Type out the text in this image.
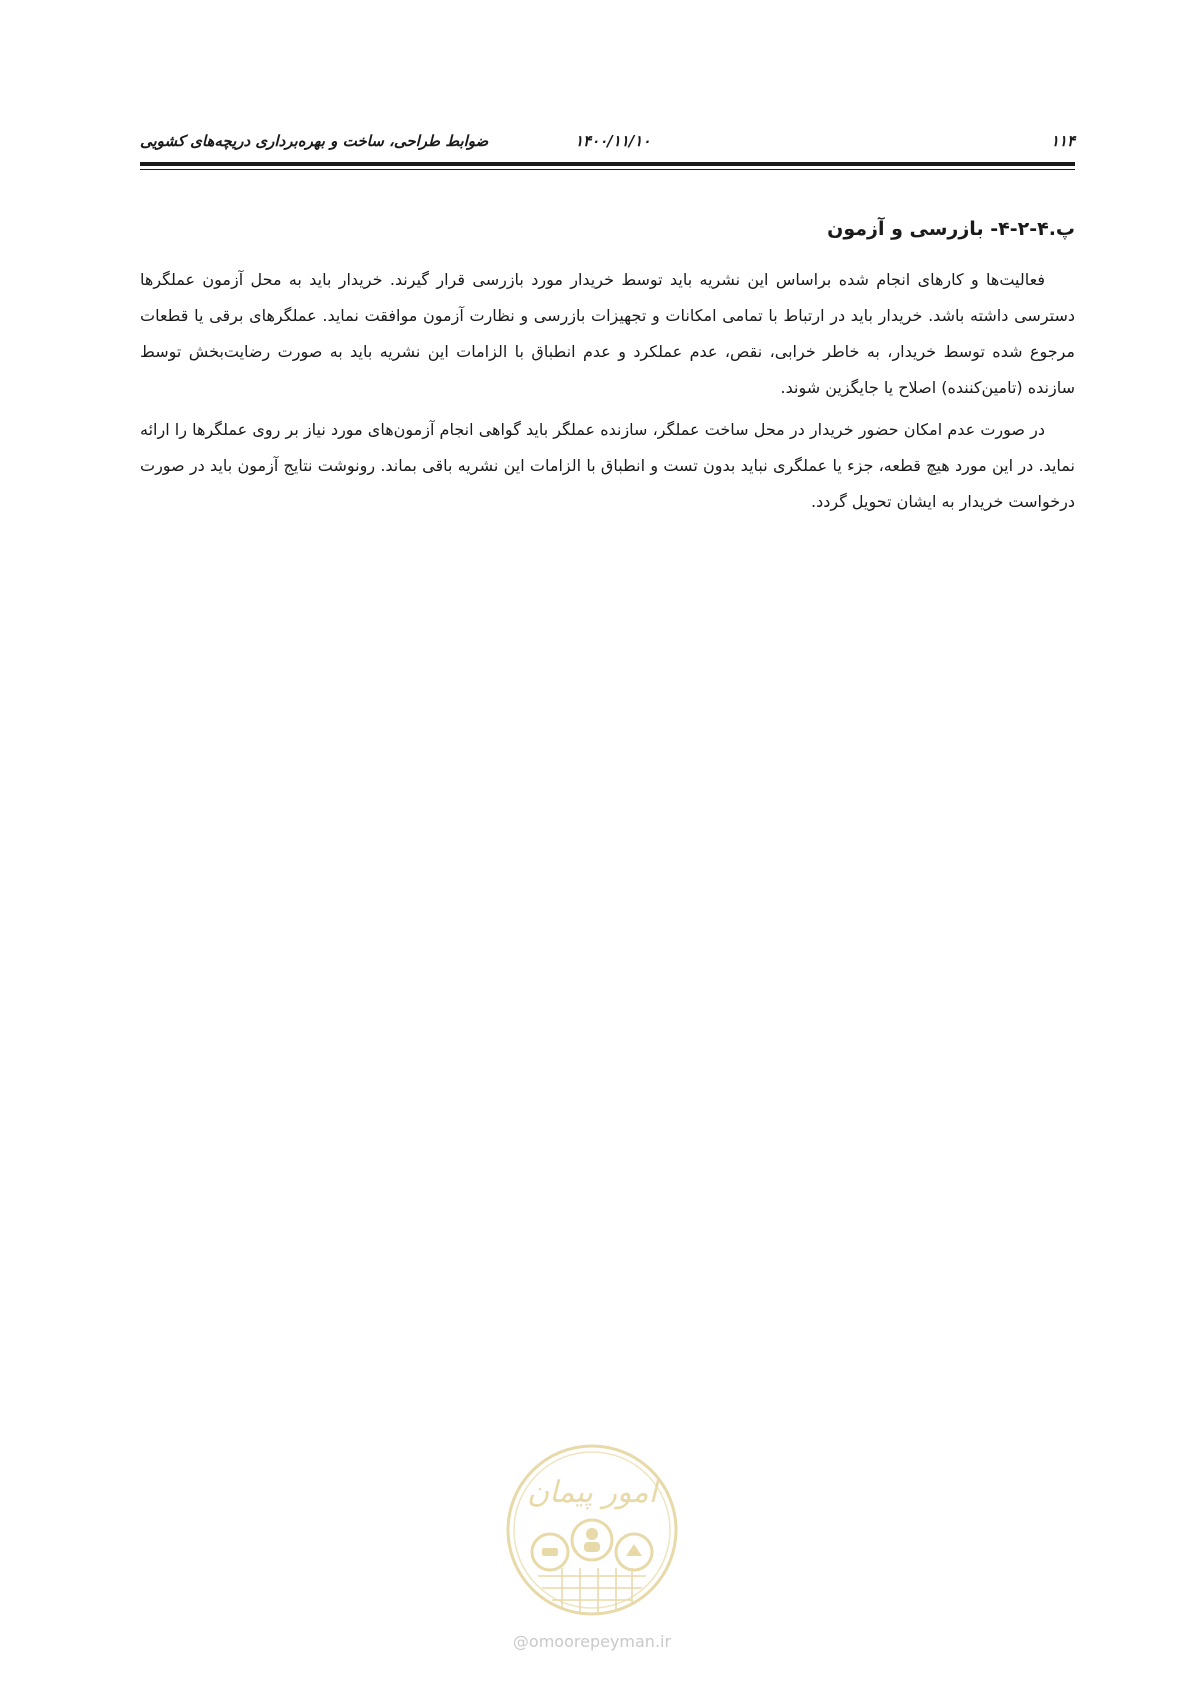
۱۱۴
۱۴۰۰/۱۱/۱۰
ضوابط طراحی، ساخت و بهره‌برداری دریچه‌های کشویی
پ.۴-۲-۴- بازرسی و آزمون

فعالیت‌ها و کارهای انجام شده براساس این نشریه باید توسط خریدار مورد بازرسی قرار گیرند. خریدار باید به محل آزمون عملگرها دسترسی داشته باشد. خریدار باید در ارتباط با تمامی امکانات و تجهیزات بازرسی و نظارت آزمون موافقت نماید. عملگرهای برقی یا قطعات مرجوع شده توسط خریدار، به خاطر خرابی، نقص، عدم عملکرد و عدم انطباق با الزامات این نشریه باید به صورت رضایت‌بخش توسط سازنده (تامین‌کننده) اصلاح یا جایگزین شوند.

در صورت عدم امکان حضور خریدار در محل ساخت عملگر، سازنده عملگر باید گواهی انجام آزمون‌های مورد نیاز بر روی عملگرها را ارائه نماید. در این مورد هیچ قطعه، جزء یا عملگری نباید بدون تست و انطباق با الزامات این نشریه باقی بماند. رونوشت نتایج آزمون باید در صورت درخواست خریدار به ایشان تحویل گردد.

امور پیمان
@omoorepeyman.ir
